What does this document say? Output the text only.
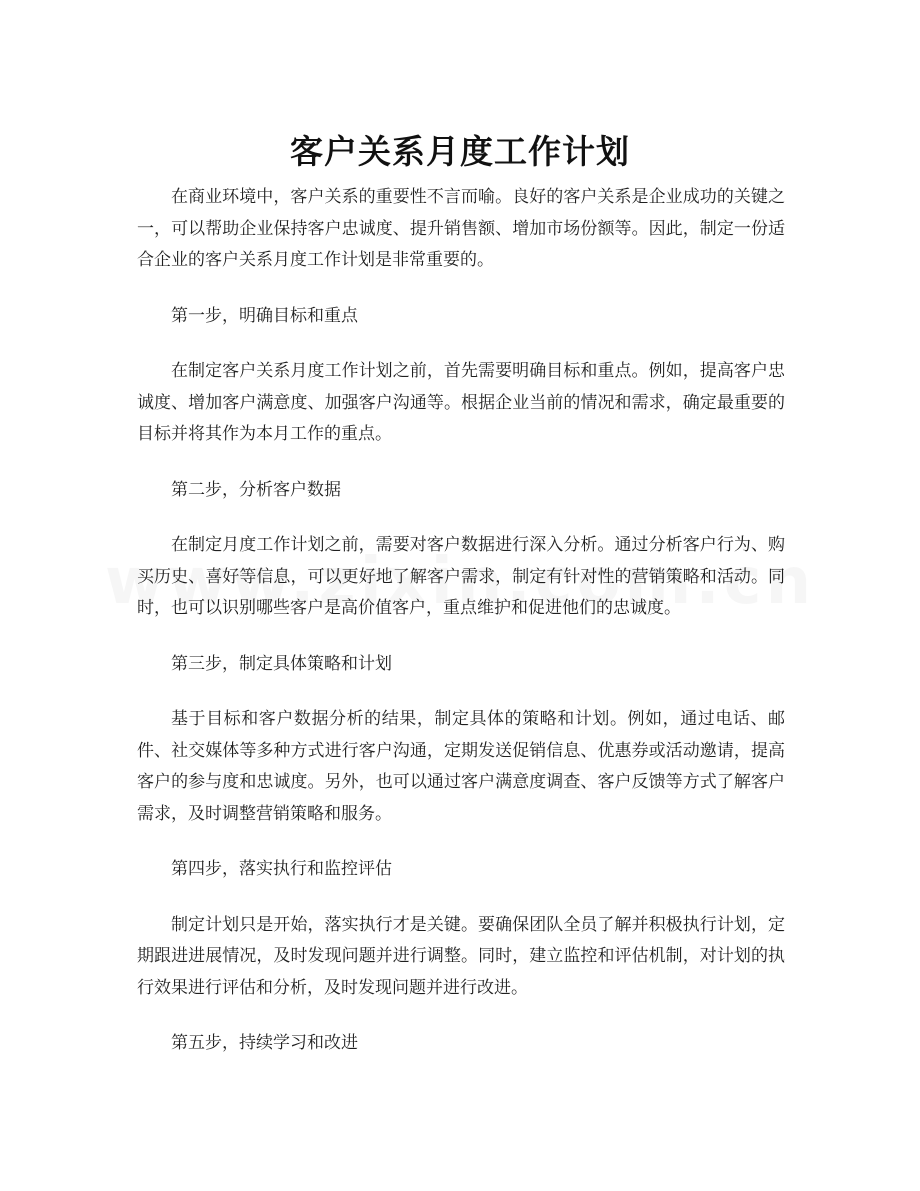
客户关系月度工作计划

在商业环境中，客户关系的重要性不言而喻。良好的客户关系是企业成功的关键之一，可以帮助企业保持客户忠诚度、提升销售额、增加市场份额等。因此，制定一份适合企业的客户关系月度工作计划是非常重要的。

第一步，明确目标和重点

在制定客户关系月度工作计划之前，首先需要明确目标和重点。例如，提高客户忠诚度、增加客户满意度、加强客户沟通等。根据企业当前的情况和需求，确定最重要的目标并将其作为本月工作的重点。

第二步，分析客户数据

在制定月度工作计划之前，需要对客户数据进行深入分析。通过分析客户行为、购买历史、喜好等信息，可以更好地了解客户需求，制定有针对性的营销策略和活动。同时，也可以识别哪些客户是高价值客户，重点维护和促进他们的忠诚度。

第三步，制定具体策略和计划

基于目标和客户数据分析的结果，制定具体的策略和计划。例如，通过电话、邮件、社交媒体等多种方式进行客户沟通，定期发送促销信息、优惠券或活动邀请，提高客户的参与度和忠诚度。另外，也可以通过客户满意度调查、客户反馈等方式了解客户需求，及时调整营销策略和服务。

第四步，落实执行和监控评估

制定计划只是开始，落实执行才是关键。要确保团队全员了解并积极执行计划，定期跟进进展情况，及时发现问题并进行调整。同时，建立监控和评估机制，对计划的执行效果进行评估和分析，及时发现问题并进行改进。

第五步，持续学习和改进
